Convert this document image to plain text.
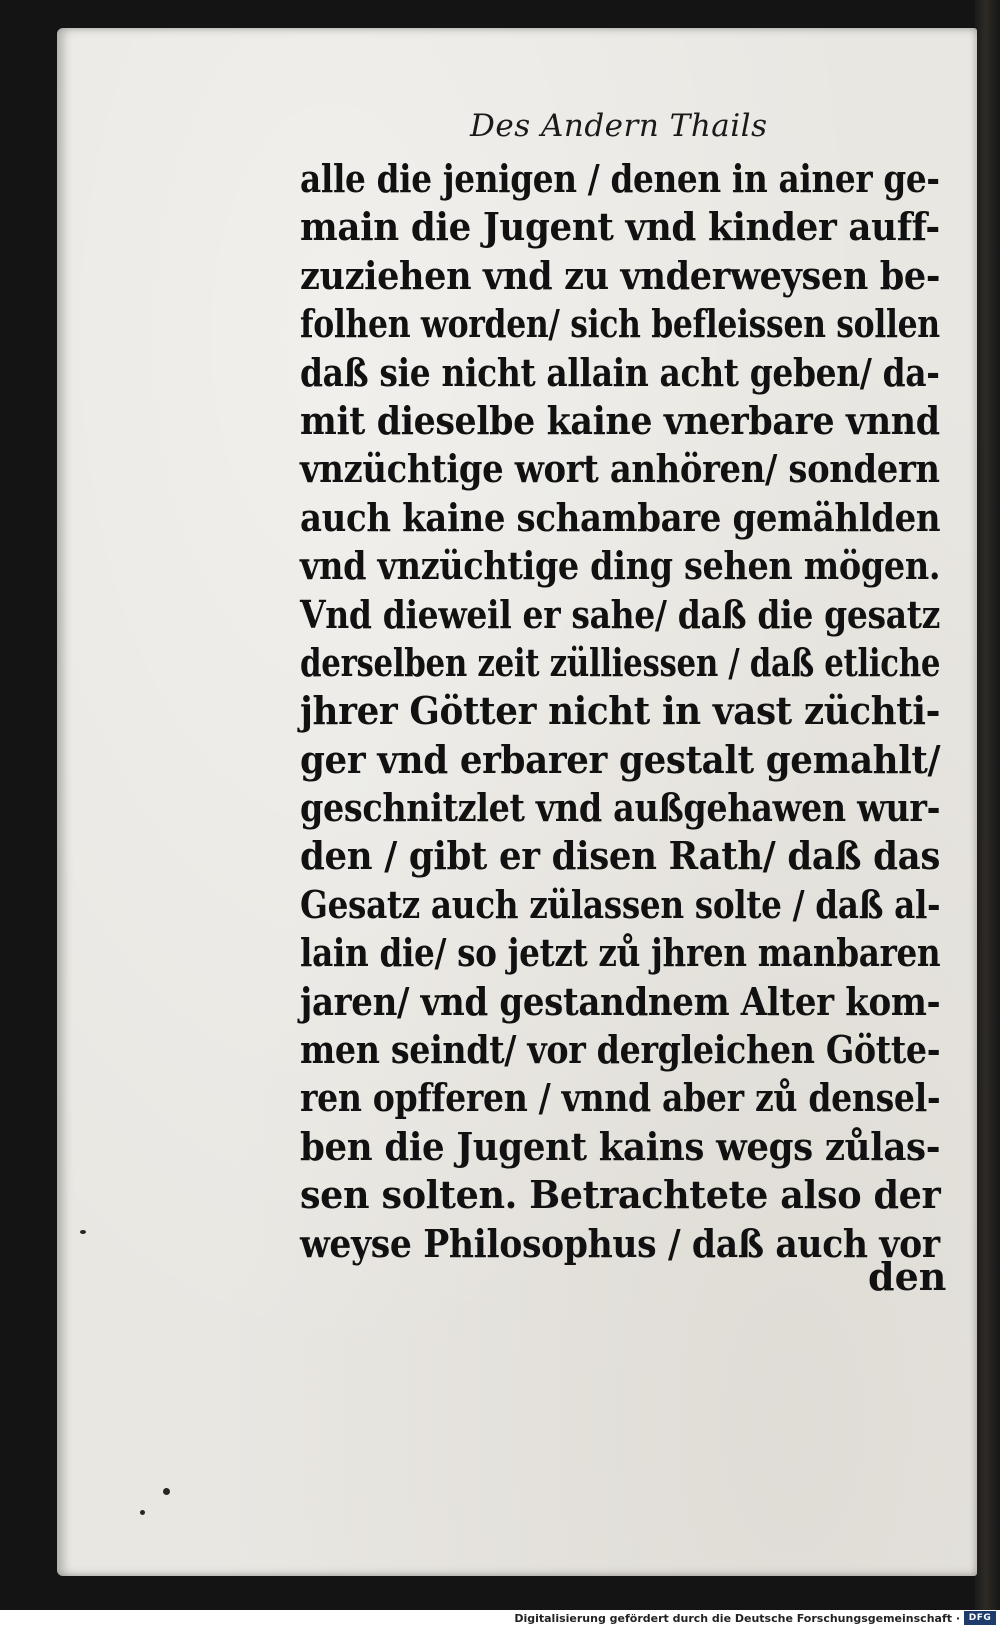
Des Andern Thails
alle die jenigen / denen in ainer ge-
main die Jugent vnd kinder auff-
zuziehen vnd zu vnderweysen be-
folhen worden/ sich befleissen sollen
daß sie nicht allain acht geben/ da-
mit dieselbe kaine vnerbare vnnd
vnzüchtige wort anhören/ sondern
auch kaine schambare gemählden
vnd vnzüchtige ding sehen mögen.
Vnd dieweil er sahe/ daß die gesatz
derselben zeit zülliessen / daß etliche
jhrer Götter nicht in vast züchti-
ger vnd erbarer gestalt gemahlt/
geschnitzlet vnd außgehawen wur-
den / gibt er disen Rath/ daß das
Gesatz auch zülassen solte / daß al-
lain die/ so jetzt zů jhren manbaren
jaren/ vnd gestandnem Alter kom-
men seindt/ vor dergleichen Götte-
ren opfferen / vnnd aber zů densel-
ben die Jugent kains wegs zůlas-
sen solten. Betrachtete also der
weyse Philosophus / daß auch vor
den
Digitalisierung gefördert durch die Deutsche Forschungsgemeinschaft · DFG
